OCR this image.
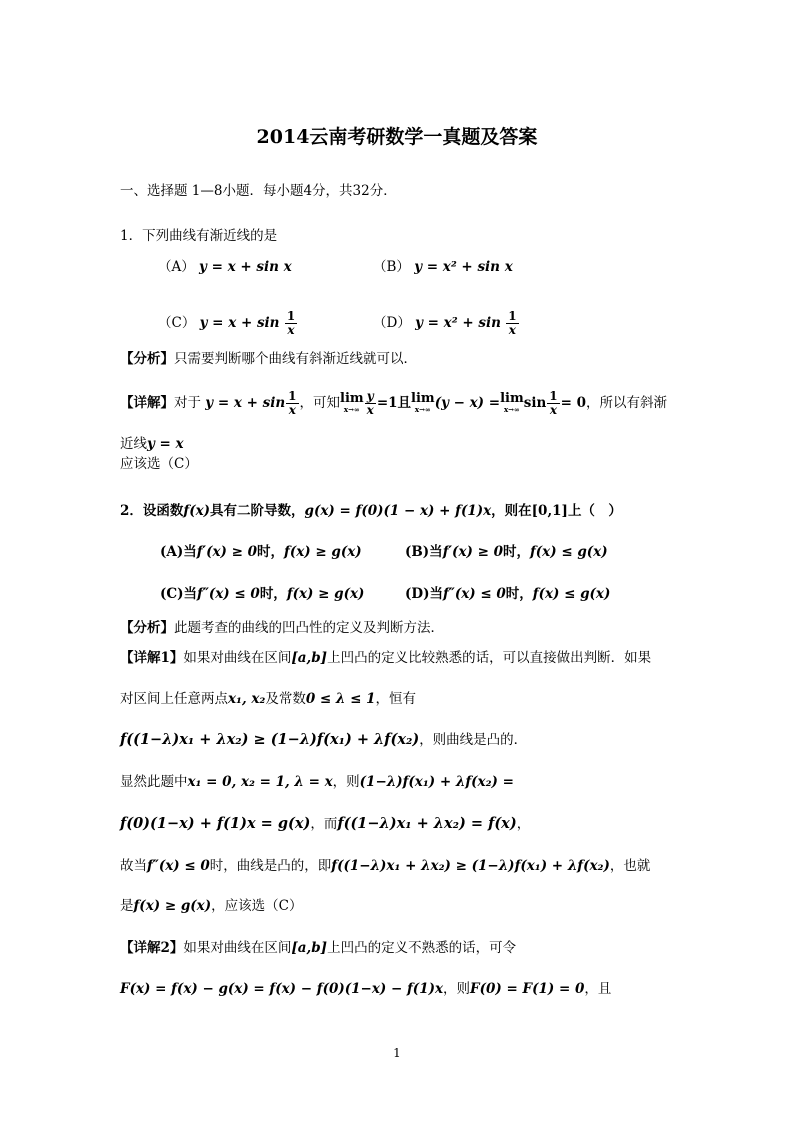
2014云南考研数学一真题及答案
一、选择题 1—8小题．每小题4分，共32分．
1．下列曲线有渐近线的是
（A） y = x + sin x	（B） y = x² + sin x
（C） $y = x + \sin \frac{1}{x}$	（D） $y = x^2 + \sin \frac{1}{x}$
【分析】只需要判断哪个曲线有斜渐近线就可以．
【详解】对于 $y = x + \sin \frac{1}{x}$ ，可知 lim
$x\to\infty \frac{y}{x} =1$且 lim
x→∞ (y − x) = lim
x→∞ $\sin \frac{1}{x} = 0$，所以有斜渐
近线y = x
应该选（C）
2．设函数f(x)具有二阶导数，g(x) = f(0)(1 − x) + f(1)x，则在[0,1]上（　）
(A)当f′(x) ≥ 0时，f(x) ≥ g(x)	(B)当f′(x) ≥ 0时，f(x) ≤ g(x)
(C)当f″(x) ≤ 0时，f(x) ≥ g(x)	(D)当f″(x) ≤ 0时，f(x) ≤ g(x)
【分析】此题考查的曲线的凹凸性的定义及判断方法．
【详解1】如果对曲线在区间[a,b]上凹凸的定义比较熟悉的话，可以直接做出判断．如果
对区间上任意两点x₁, x₂及常数0 ≤ λ ≤ 1，恒有
f((1−λ)x₁ + λx₂) ≥ (1−λ)f(x₁) + λf(x₂)，则曲线是凸的．
显然此题中x₁ = 0, x₂ = 1, λ = x，则(1−λ)f(x₁) + λf(x₂) =
f(0)(1−x) + f(1)x = g(x)，而f((1−λ)x₁ + λx₂) = f(x)，
故当f″(x) ≤ 0时，曲线是凸的，即f((1−λ)x₁ + λx₂) ≥ (1−λ)f(x₁) + λf(x₂)，也就
是f(x) ≥ g(x)，应该选（C）
【详解2】如果对曲线在区间[a,b]上凹凸的定义不熟悉的话，可令
F(x) = f(x) − g(x) = f(x) − f(0)(1−x) − f(1)x，则F(0) = F(1) = 0，且
1
